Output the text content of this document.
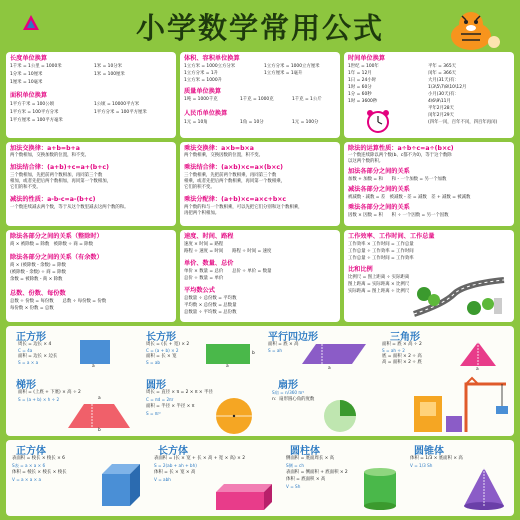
小学数学常用公式
长度单位换算
1千米 = 1公里 = 1000米	1米 = 10分米
1分米 = 10厘米	1米 = 100厘米
1厘米 = 10毫米
面积单位换算
1平方千米 = 100公顷	1公顷 = 10000平方米
1平方米 = 100平方分米	1平方分米 = 100平方厘米
1平方厘米 = 100平方毫米
体积、容积单位换算
1立方米 = 1000立方分米	1立方分米 = 1000立方厘米
1立方分米 = 1升	1立方厘米 = 1毫升
1立方米 = 1000升
质量单位换算
1吨 = 1000千克	1千克 = 1000克	1千克 = 1公斤
人民币单位换算
1元 = 10角	1角 = 10分	1元 = 100分
时间单位换算
1世纪 = 100年
1年 = 12月
1日 = 24小时
1时 = 60分
1分 = 60秒
1时 = 3600秒
平年 = 365天
闰年 = 366天
大月(31天)有：
1\3\5\7\8\10\12月
小月(30天)有：
4\6\9\11月
平年2月28天
闰年2月29天
(四年一闰，百年不闰，四百年再闰)
加法交换律：a+b=b+a
两个数相加，交换加数的位置，和不变。
加法结合律：(a+b)+c=a+(b+c)
三个数相加，先把前两个数相加，再同第三个数
相加，或者先把后两个数相加，再同第一个数相加，
它们的和不变。
减法的性质：a-b-c=a-(b+c)
一个数连续减去两个数，等于从这个数里减去这两个数的和。
乘法交换律：a×b=b×a
两个数相乘，交换因数的位置，积不变。
乘法结合律：(a×b)×c=a×(b×c)
三个数相乘，先把前两个数相乘，再同第三个数
相乘，或者先把后两个数相乘，再同第一个数相乘，
它们的积不变。
乘法分配律：(a+b)×c=a×c+b×c
两个数的和与一个数相乘，可以先把它们分别和这个数相乘，
再把两个积相加。
除法的运算性质：a÷b÷c=a÷(b×c)
一个数连续除以两个数(b、c都不为0)，等于这个数除
以这两个数的积。
加法各部分之间的关系
加数 + 加数 = 和　　和 - 一个加数 = 另一个加数
减法各部分之间的关系
被减数 - 减数 = 差　被减数 - 差 = 减数　差 + 减数 = 被减数
乘法各部分之间的关系
因数 × 因数 = 积　　积 ÷ 一个因数 = 另一个因数
除法各部分之间的关系（整除时）
商 × 被除数 = 除数　被除数 ÷ 商 = 除数
除法各部分之间的关系（有余数）
商 × (被除数 - 余数) = 除数
(被除数 - 余数) ÷ 商 = 除数
余数 = 被除数 - 商 × 除数
总数、份数、每份数
总数 ÷ 份数 = 每份数　　总数 ÷ 每份数 = 份数
每份数 × 份数 = 总数
速度、时间、路程
速度 × 时间 = 路程
路程 ÷ 速度 = 时间　　路程 ÷ 时间 = 速度
单价、数量、总价
单价 × 数量 = 总价　　总价 ÷ 单价 = 数量
总价 ÷ 数量 = 单价
平均数公式
总数量 ÷ 总份数 = 平均数
平均数 × 总份数 = 总数量
总数量 ÷ 平均数 = 总份数
工作效率、工作时间、工作总量
工作效率 × 工作时间 = 工作总量
工作总量 ÷ 工作效率 = 工作时间
工作总量 ÷ 工作时间 = 工作效率
比和比例
比例尺 = 图上距离 ÷ 实际距离
图上距离 = 实际距离 × 比例尺
实际距离 = 图上距离 ÷ 比例尺
正方形
周长 = 边长 × 4
C = 4a
面积 = 边长 × 边长
S = a × a
a
长方形
周长 = (长 + 宽) × 2
C = (a + b) × 2
面积 = 长 × 宽
S = ab
a
b
平行四边形
面积 = 底 × 高
S = ah
a
三角形
面积 = 底 × 高 ÷ 2
S = ah ÷ 2
底 = 面积 × 2 ÷ 高
高 = 面积 × 2 ÷ 底
a
梯形
面积 = (上底 + 下底) × 高 ÷ 2
S = (a + b) × h ÷ 2	a
b
圆形
周长 = 直径 × π = 2 × π × 半径
C = πd = 2πr
面积 = 半径 × 半径 × π
S = πr²
扇形
S扇 = n/360 πr²
n：扇形圆心角的度数
正方体
表面积 = 棱长 × 棱长 × 6
S表 = a × a × 6
体积 = 棱长 × 棱长 × 棱长
V = a × a × a
长方体
表面积 = (长 × 宽 + 长 × 高 + 宽 × 高) × 2
S = 2(ab + ah + bh)
体积 = 长 × 宽 × 高
V = abh
圆柱体
侧面积 = 底面周长 × 高
S侧 = ch
表面积 = 侧面积 + 底面积 × 2
体积 = 底面积 × 高
V = Sh
圆锥体
体积 = 1/3 × 底面积 × 高
V = 1/3 Sh
